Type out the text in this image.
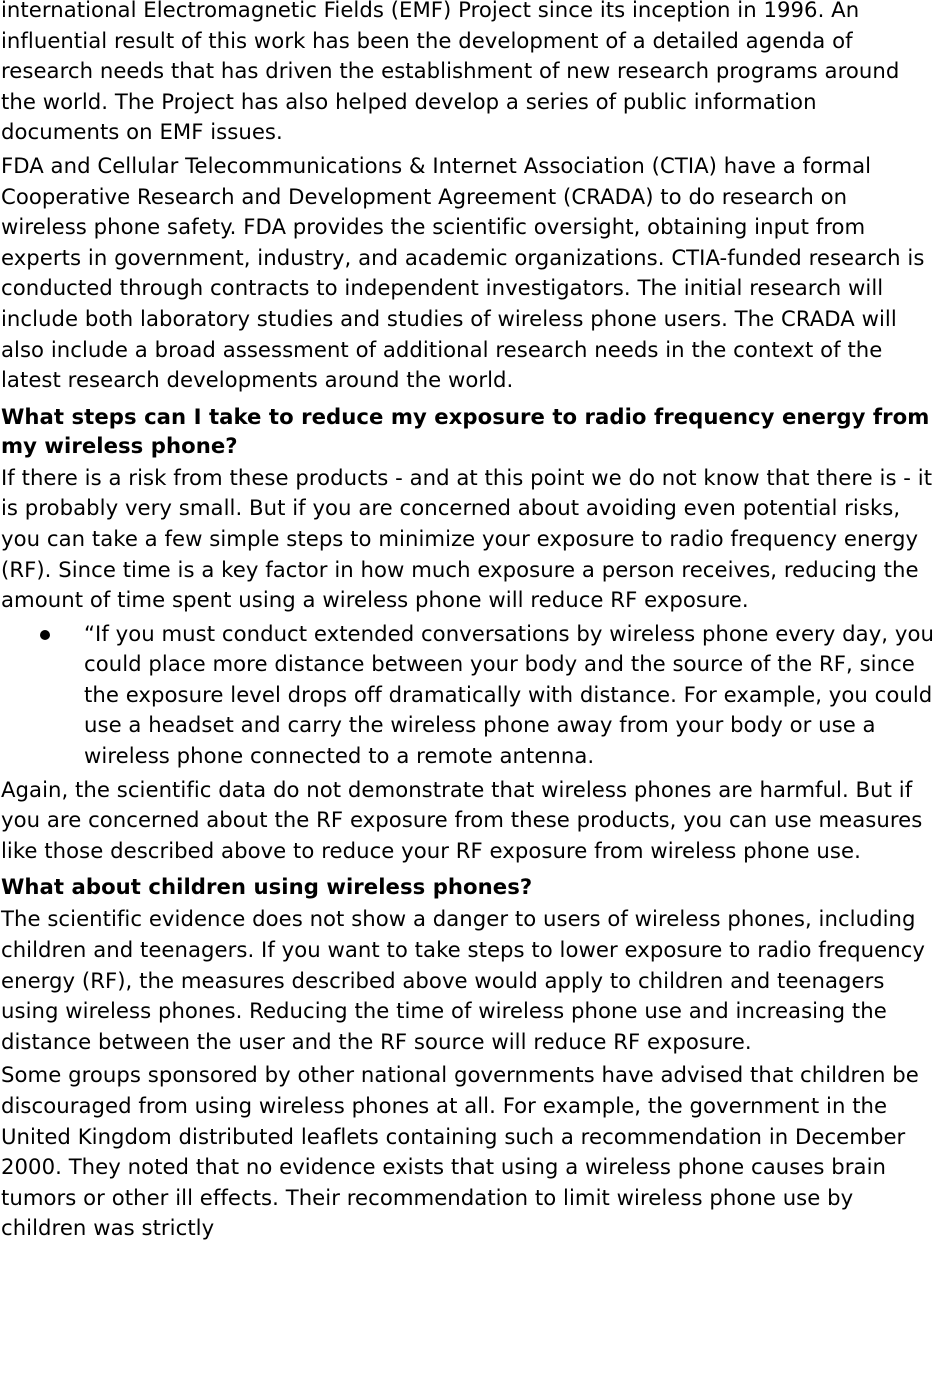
international Electromagnetic Fields (EMF) Project since its inception in 1996. An influential result of this work has been the development of a detailed agenda of research needs that has driven the establishment of new research programs around the world. The Project has also helped develop a series of public information documents on EMF issues.

FDA and Cellular Telecommunications & Internet Association (CTIA) have a formal Cooperative Research and Development Agreement (CRADA) to do research on wireless phone safety. FDA provides the scientific oversight, obtaining input from experts in government, industry, and academic organizations. CTIA-funded research is conducted through contracts to independent investigators. The initial research will include both laboratory studies and studies of wireless phone users. The CRADA will also include a broad assessment of additional research needs in the context of the latest research developments around the world.

What steps can I take to reduce my exposure to radio frequency energy from my wireless phone?

If there is a risk from these products - and at this point we do not know that there is - it is probably very small. But if you are concerned about avoiding even potential risks, you can take a few simple steps to minimize your exposure to radio frequency energy (RF). Since time is a key factor in how much exposure a person receives, reducing the amount of time spent using a wireless phone will reduce RF exposure.

“If you must conduct extended conversations by wireless phone every day, you could place more distance between your body and the source of the RF, since the exposure level drops off dramatically with distance. For example, you could use a headset and carry the wireless phone away from your body or use a wireless phone connected to a remote antenna.

Again, the scientific data do not demonstrate that wireless phones are harmful. But if you are concerned about the RF exposure from these products, you can use measures like those described above to reduce your RF exposure from wireless phone use.

What about children using wireless phones?

The scientific evidence does not show a danger to users of wireless phones, including children and teenagers. If you want to take steps to lower exposure to radio frequency energy (RF), the measures described above would apply to children and teenagers using wireless phones. Reducing the time of wireless phone use and increasing the distance between the user and the RF source will reduce RF exposure.

Some groups sponsored by other national governments have advised that children be discouraged from using wireless phones at all. For example, the government in the United Kingdom distributed leaflets containing such a recommendation in December 2000. They noted that no evidence exists that using a wireless phone causes brain tumors or other ill effects. Their recommendation to limit wireless phone use by children was strictly
